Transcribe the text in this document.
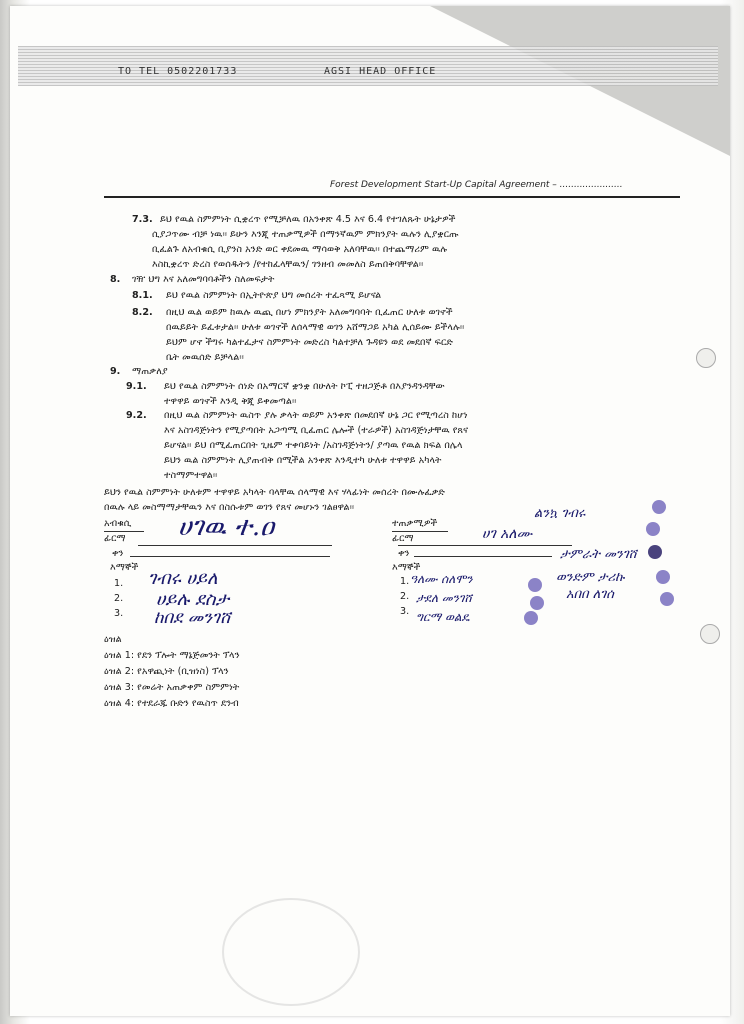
TO TEL 0502201733	AGSI HEAD OFFICE
Forest Development Start-Up Capital Agreement – ......................
7.3. ይህ የዉል ስምምነት ሲቋረጥ የሚቻለዉ በአንቀጽ 4.5 እና 6.4 የተገለጹት ሁኔታዎች
ሲያጋጥሙ ብቻ ነዉ፡፡ ይሁን እንጂ ተጠቃሚዎች በማንኛዉም ምክንያት ዉሉን ሊያቋርጡ
ቢፈልጉ ለአብቁሲ ቢያንስ አንድ ወር ቀደመዉ ማሳወቅ አለባቸዉ፡፡ በተጨማሪም ዉሉ
እስኪቋረጥ ድረስ የወሰዱትን /የተከፈላቸዉን/ ገንዘብ መመለስ ይጠበቅባቸዋል፡፡
8. ገዥ ህግ እና አለመግባባቶችን ስለመፍታት
8.1. ይህ የዉል ስምምነት በኢትዮጵያ ህግ መሰረት ተፈጻሚ ይሆናል
8.2. በዚህ ዉል ወይም ከዉሉ ዉጪ በሆነ ምክንያት አለመግባባት ቢፈጠር ሁለቱ ወገኖች
በዉይይት ይፈቱታል፡፡ ሁለቱ ወገኖች ለሰላማዊ ወገን አሸማጋይ አካል ሊሰይሙ ይችላሉ፡፡
ይህም ሆኖ ችግሩ ካልተፈታና ስምምነት መድረስ ካልተቻለ ጉዳዩን ወደ መደበኛ ፍርድ
ቤት መዉሰድ ይቻላል፡፡
9. ማጠቃለያ
9.1. ይህ የዉል ስምምነት ሰነድ በአማርኛ ቋንቋ በሁለት ኮፒ ተዘጋጅቶ በእያንዳንዳቸው
ተዋዋይ ወገኖች እንዲ ቅጂ ይቀመጣል፡፡
9.2. በዚህ ዉል ስምምነት ዉስጥ ያሉ ቃላት ወይም አንቀጽ በመደበኛ ሁኔ ጋር የሚጣረስ ከሆነ
እና አስገዳጅነትን የሚያጣበት አጋጣሚ ቢፈጠር ሌሎች (ተራዎች) አስገዳጅነታቸዉ የጸና
ይሆናል፡፡ ይህ በሚፈጠርበት ጊዜም ተቀባይነት /አስገዳጅነትን/ ያጣዉ የዉል ክፍል በሌላ
ይህን ዉል ስምምነት ሊያጠብቅ በሚችል አንቀጽ እንዲተካ ሁለቱ ተዋዋይ አካላት
ተስማምተዋል፡፡
ይህን የዉል ስምምነት ሁለቱም ተዋዋይ አካላት ባላቸዉ ሰላማዊ እና ሃላፊነት መሰረት በሙሉፈቃድ
በዉሉ ላይ መስማማታቸዉን እና በስሱቱም ወገን የጸና መሆኑን ገልፀዋል፡፡
አብቁሲ
ፊርማ ሀገዉ ተ.ዐ
ቀን
እማኞች
1.
2.
3.
ገብሩ ሀይለ
ሀይሉ ደስታ
ከበደ መንገሸ
ዕዝል
ዕዝል 1: የደን ፕሎት ማኔጅመንት ፕላን
ዕዝል 2: የአዋጪነት (ቢዝነስ) ፕላን
ዕዝል 3: የመሬት አጠቃቀም ስምምነት
ዕዝል 4: የተደራጁ ቡድን የዉስጥ ደንብ
ተጠቃሚዎች
ፊርማ
ልንኳ ገብሩ
ሀገ አለሙ
ታምራት መንገሸ
ወንድም ታሪኩ
አበበ ለገሰ
ቀን
እማኞች
1.
2.
3.
ዓለሙ ሰለሞን
ታደለ መንገሸ
ግርማ ወልዴ
